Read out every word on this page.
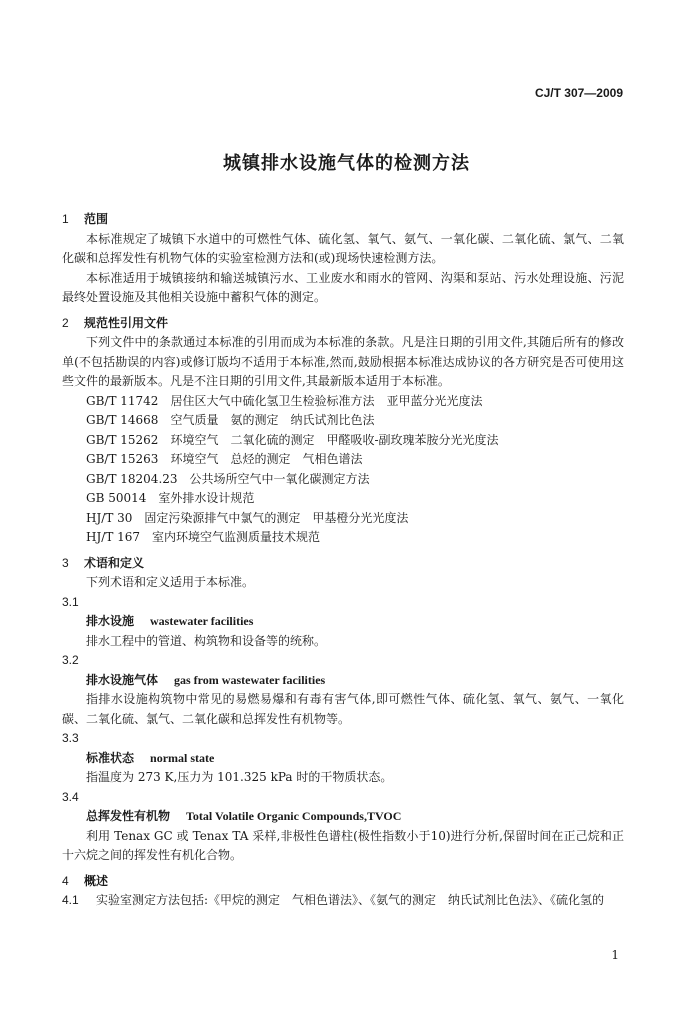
CJ/T 307—2009
城镇排水设施气体的检测方法

1 范围

本标准规定了城镇下水道中的可燃性气体、硫化氢、氧气、氨气、一氧化碳、二氧化硫、氯气、二氧化碳和总挥发性有机物气体的实验室检测方法和(或)现场快速检测方法。

本标准适用于城镇接纳和输送城镇污水、工业废水和雨水的管网、沟渠和泵站、污水处理设施、污泥最终处置设施及其他相关设施中蓄积气体的测定。

2 规范性引用文件

下列文件中的条款通过本标准的引用而成为本标准的条款。凡是注日期的引用文件,其随后所有的修改单(不包括勘误的内容)或修订版均不适用于本标准,然而,鼓励根据本标准达成协议的各方研究是否可使用这些文件的最新版本。凡是不注日期的引用文件,其最新版本适用于本标准。

GB/T 11742　居住区大气中硫化氢卫生检验标准方法　亚甲蓝分光光度法

GB/T 14668　空气质量　氨的测定　纳氏试剂比色法

GB/T 15262　环境空气　二氧化硫的测定　甲醛吸收-副玫瑰苯胺分光光度法

GB/T 15263　环境空气　总烃的测定　气相色谱法

GB/T 18204.23　公共场所空气中一氧化碳测定方法

GB 50014　室外排水设计规范

HJ/T 30　固定污染源排气中氯气的测定　甲基橙分光光度法

HJ/T 167　室内环境空气监测质量技术规范

3 术语和定义

下列术语和定义适用于本标准。

3.1

排水设施 wastewater facilities

排水工程中的管道、构筑物和设备等的统称。

3.2

排水设施气体 gas from wastewater facilities

指排水设施构筑物中常见的易燃易爆和有毒有害气体,即可燃性气体、硫化氢、氧气、氨气、一氧化碳、二氧化硫、氯气、二氧化碳和总挥发性有机物等。

3.3

标准状态 normal state

指温度为 273 K,压力为 101.325 kPa 时的干物质状态。

3.4

总挥发性有机物 Total Volatile Organic Compounds,TVOC

利用 Tenax GC 或 Tenax TA 采样,非极性色谱柱(极性指数小于10)进行分析,保留时间在正己烷和正十六烷之间的挥发性有机化合物。

4 概述

4.1 实验室测定方法包括:《甲烷的测定　气相色谱法》、《氨气的测定　纳氏试剂比色法》、《硫化氢的

1
